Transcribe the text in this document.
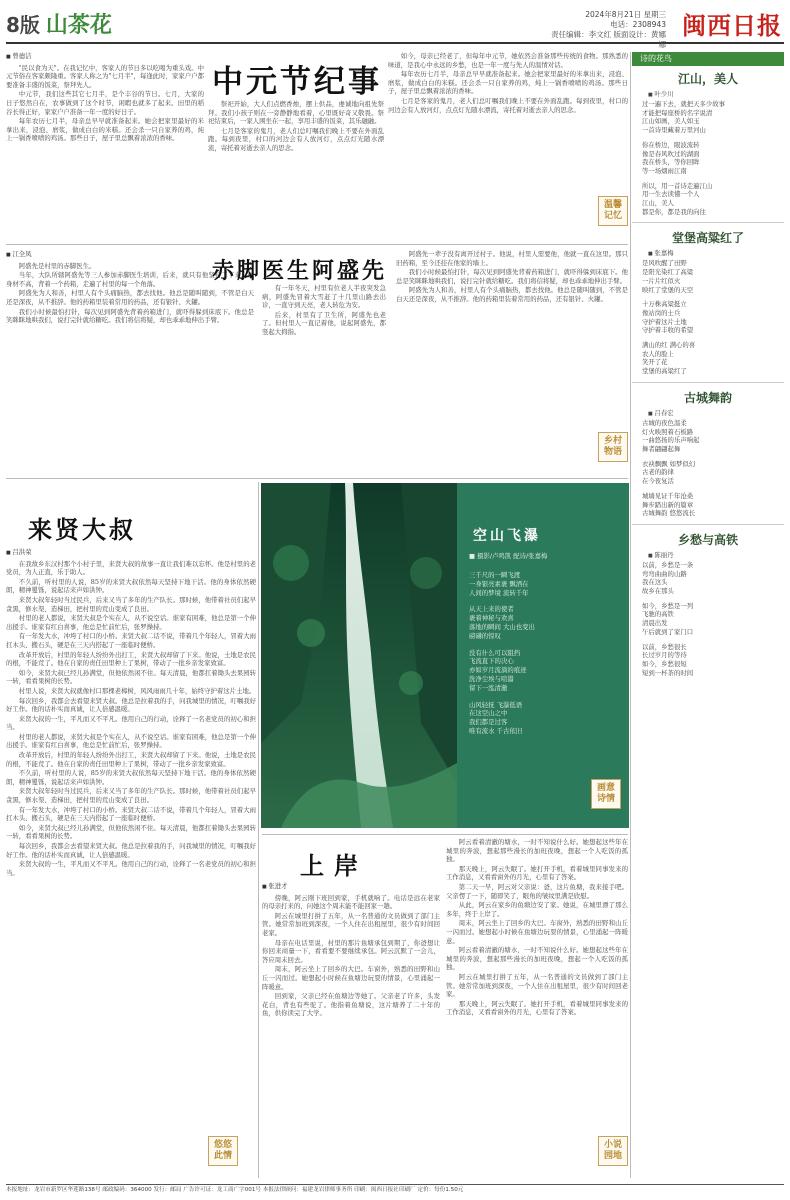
8版 山茶花	2024年8月21日 星期三
电话：2308943
责任编辑：李文红 版面设计：黄娜娜
闽西日报
■ 曾德洁

"民以食为天"。在我记忆中，客家人的节日多以吃喝为重头戏。中元节俗在客家颇隆重。客家人称之为"七月半"，每逢此时，家家户户都要准备丰盛的饭菜，祭拜先人。

中元节，我们这些其它七月半，是个丰谷的节日。七月，大家的日子悠然自在，农事做到了这个时节，闲暇也就多了起来。田里的稻谷长得正好，家家户户准备一年一度的好日子。

每年农历七月半，母亲总早早就准备起来。她会把家里最好的米拿出来，浸泡、磨浆，做成白白的米糕。还会杀一只自家养的鸡，炖上一锅香喷喷的鸡汤。那些日子，屋子里总飘着浓浓的香味。

中元节纪事

祭祀开始，大人们点燃香烛，摆上供品，虔诚地向祖先祭拜。我们小孩子则在一旁静静地看着，心里既好奇又敬畏。祭祀结束后，一家人围坐在一起，享用丰盛的饭菜，其乐融融。

七月是客家的鬼月，老人们总叮嘱我们晚上不要在外面乱跑。每到夜里，村口的河边会有人放河灯，点点灯光随水漂流，寄托着对逝去亲人的思念。

如今，母亲已经老了，但每年中元节，她依然会准备那些传统的食物。那熟悉的味道，是我心中永远的乡愁，也是一年一度与先人的温情对话。

每年农历七月半，母亲总早早就准备起来。她会把家里最好的米拿出来，浸泡、磨浆，做成白白的米糕。还会杀一只自家养的鸡，炖上一锅香喷喷的鸡汤。那些日子，屋子里总飘着浓浓的香味。

七月是客家的鬼月，老人们总叮嘱我们晚上不要在外面乱跑。每到夜里，村口的河边会有人放河灯，点点灯光随水漂流，寄托着对逝去亲人的思念。

温馨记忆
■ 江全凤

阿盛先是村里的赤脚医生。

当年，大队所辖阿盛先等三人参加赤脚医生培训，后来，就只有他坚持了下来。他身材不高，背着一个药箱，走遍了村里的每一个角落。

阿盛先为人和善，村里人有个头痛脑热，都去找他。他总是随叫随到，不管是白天还是深夜，从不推辞。他的药箱里装着常用的药品，还有银针、火罐。

我们小时候最怕打针，每次见到阿盛先背着药箱进门，就吓得躲到床底下。他总是笑眯眯地哄我们，说打完针就给糖吃。我们将信将疑，却也乖乖地伸出手臂。

赤脚医生阿盛先

有一年冬天，村里有位老人半夜突发急病，阿盛先冒着大雪赶了十几里山路去出诊，一直守到天亮，老人转危为安。

后来，村里有了卫生所，阿盛先也老了。但村里人一直记着他，说起阿盛先，都竖起大拇指。

阿盛先一辈子没有离开过村子。他说，村里人需要他，他就一直在这里。那只旧药箱，至今还挂在他家的墙上。

我们小时候最怕打针，每次见到阿盛先背着药箱进门，就吓得躲到床底下。他总是笑眯眯地哄我们，说打完针就给糖吃。我们将信将疑，却也乖乖地伸出手臂。

阿盛先为人和善，村里人有个头痛脑热，都去找他。他总是随叫随到，不管是白天还是深夜，从不推辞。他的药箱里装着常用的药品，还有银针、火罐。

乡村物语
来贤大叔
■ 吕洪荣

在我故乡东汉村那个小村子里，来贤大叔的故事一直让我们难以忘怀。他是村里的老党员，为人正直，乐于助人。

不久前，听村里的人说，85岁的来贤大叔依然每天坚持下地干活。他的身体依然硬朗，精神矍铄，说起话来声如洪钟。

来贤大叔年轻时当过民兵，后来又当了多年的生产队长。那时候，他带着社员们起早贪黑，修水渠、造梯田，把村里的荒山变成了良田。

村里的老人都说，来贤大叔是个实在人，从不说空话。谁家有困难，他总是第一个伸出援手。谁家有红白喜事，他总是忙前忙后，张罗操持。

有一年发大水，冲垮了村口的小桥。来贤大叔二话不说，带着几个年轻人，冒着大雨扛木头、搬石头，硬是在三天内搭起了一座临时便桥。

改革开放后，村里的年轻人纷纷外出打工，来贤大叔却留了下来。他说，土地是农民的根，不能荒了。他在自家的责任田里种上了果树，带动了一批乡亲发家致富。

如今，来贤大叔已经儿孙满堂，但他依然闲不住。每天清晨，他都扛着锄头去果园转一转，看看果树的长势。

村里人说，来贤大叔就像村口那棵老樟树，风风雨雨几十年，始终守护着这片土地。

每次回乡，我都会去看望来贤大叔。他总是拉着我的手，问我城里的情况，叮嘱我好好工作。他的话朴实而真诚，让人倍感温暖。

来贤大叔的一生，平凡而又不平凡。他用自己的行动，诠释了一名老党员的初心和担当。

村里的老人都说，来贤大叔是个实在人，从不说空话。谁家有困难，他总是第一个伸出援手。谁家有红白喜事，他总是忙前忙后，张罗操持。

改革开放后，村里的年轻人纷纷外出打工，来贤大叔却留了下来。他说，土地是农民的根，不能荒了。他在自家的责任田里种上了果树，带动了一批乡亲发家致富。

不久前，听村里的人说，85岁的来贤大叔依然每天坚持下地干活。他的身体依然硬朗，精神矍铄，说起话来声如洪钟。

来贤大叔年轻时当过民兵，后来又当了多年的生产队长。那时候，他带着社员们起早贪黑，修水渠、造梯田，把村里的荒山变成了良田。

有一年发大水，冲垮了村口的小桥。来贤大叔二话不说，带着几个年轻人，冒着大雨扛木头、搬石头，硬是在三天内搭起了一座临时便桥。

如今，来贤大叔已经儿孙满堂，但他依然闲不住。每天清晨，他都扛着锄头去果园转一转，看看果树的长势。

每次回乡，我都会去看望来贤大叔。他总是拉着我的手，问我城里的情况，叮嘱我好好工作。他的话朴实而真诚，让人倍感温暖。

来贤大叔的一生，平凡而又不平凡。他用自己的行动，诠释了一名老党员的初心和担当。

悠悠此情
空山飞瀑
■ 摄影/卢鸣凯 配诗/张嘉梅
三千尺的一瞬飞渡
一身银亮素裹 飘洒在
人间的梦境 流转千年
从天上来的使者
裹着神秘与欢喜
落地的瞬间 大山也变出
磅礴的惊叹
没有什么可以阻挡
飞流直下的决心
亦如岁月流淌的痕迹
洗净尘埃与喧嚣
留下一泓清澈
山风轻抚 飞瀑低语
在这空山之中
我们都是过客
唯有流水 千古依旧
画意诗情
上岸
■ 张进才

傍晚，阿云刚下班回到家，手机就响了。电话是远在老家的母亲打来的，问她这个周末能不能回家一趟。

阿云在城里打拼了五年，从一名普通的文员做到了部门主管。她常常加班到深夜，一个人住在出租屋里，很少有时间回老家。

母亲在电话里说，村里的那片鱼塘承包到期了，你爸想让你回来商量一下，看看要不要继续承包。阿云沉默了一会儿，答应周末回去。

周末，阿云坐上了回乡的大巴。车窗外，熟悉的田野和山丘一闪而过。她想起小时候在鱼塘边玩耍的情景，心里涌起一阵暖意。

回到家，父亲已经在鱼塘边等她了。父亲老了许多，头发花白，背也有些驼了。他指着鱼塘说，这片塘养了二十年的鱼，供你读完了大学。

阿云看着清澈的塘水，一时不知说什么好。她想起这些年在城里的奔波，想起那些漫长的加班夜晚，想起一个人吃饭的孤独。

那天晚上，阿云失眠了。她打开手机，看着城里同事发来的工作消息，又看看窗外的月光，心里有了答案。

第二天一早，阿云对父亲说：爸，这片鱼塘，我来接手吧。父亲愣了一下，随即笑了，眼角的皱纹里满是欣慰。

从此，阿云在家乡的鱼塘边安了家。她说，在城里漂了那么多年，终于上岸了。

周末，阿云坐上了回乡的大巴。车窗外，熟悉的田野和山丘一闪而过。她想起小时候在鱼塘边玩耍的情景，心里涌起一阵暖意。

阿云看着清澈的塘水，一时不知说什么好。她想起这些年在城里的奔波，想起那些漫长的加班夜晚，想起一个人吃饭的孤独。

阿云在城里打拼了五年，从一名普通的文员做到了部门主管。她常常加班到深夜，一个人住在出租屋里，很少有时间回老家。

那天晚上，阿云失眠了。她打开手机，看着城里同事发来的工作消息，又看看窗外的月光，心里有了答案。

小说园地
诗的花鸟
江山，美人
■ 叶少川
过一遍下去，就把天多少故事
才能把每座桥的名字说清
江山如画，美人如玉
一首诗里藏着万里河山
你在桥边，眼波流转
像是春风吹过的湖面
我在桥头，等你回眸
等一场烟雨江南
所以，用一首诗走遍江山
用一生去读懂一个人
江山，美人
都是你，都是我的向往
堂堡高粱红了
■ 张嘉梅
是风吹醒了田野
是阳光染红了高粱
一片片红似火
映红了堂堡的天空
十万株高粱挺立
像站岗的士兵
守护着这片土地
守护着丰收的希望
满山的红 满心的喜
农人的脸上
笑开了花
堂堡的高粱红了
古城舞韵
■ 吕春宏
古城的夜色温柔
灯火映照着石板路
一曲悠扬的乐声响起
舞者翩翩起舞
衣袂飘飘 如梦似幻
古老的韵律
在今夜复活
城墙见证千年沧桑
舞步踏出新的篇章
古城舞韵 悠悠流长
乡愁与高铁
■ 陈丽丹
以前，乡愁是一条
弯弯曲曲的山路
我在这头
故乡在那头
如今，乡愁是一列
飞驰的高铁
清晨出发
午后就到了家门口
以前，乡愁很长
长过岁月的等待
如今，乡愁很短
短到一杯茶的时间
本报地址：龙岩市新罗区华莲路138号 邮政编码：364000 发行：邮局 广告许可证：龙工商广字001号 本报法律顾问：福建龙岩律师事务所 印刷：闽西日报社印刷厂 定价：每份1.50元
